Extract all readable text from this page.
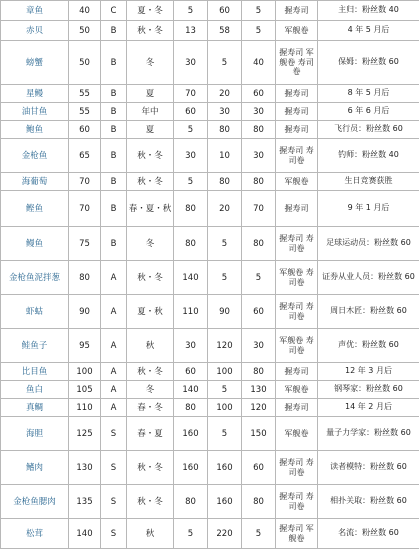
章鱼	40	C	夏・冬	5	60	5	握寿司	主归：粉丝数 40
赤贝	50	B	秋・冬	13	58	5	军舰卷	4 年 5 月后
螃蟹	50	B	冬	30	5	40	握寿司 军舰卷 寿司卷	保姆：粉丝数 60
星鳗	55	B	夏	70	20	60	握寿司	8 年 5 月后
油甘鱼	55	B	年中	60	30	30	握寿司	6 年 6 月后
鲍鱼	60	B	夏	5	80	80	握寿司	飞行员：粉丝数 60
金枪鱼	65	B	秋・冬	30	10	30	握寿司 寿司卷	钓师：粉丝数 40
海葡萄	70	B	秋・冬	5	80	80	军舰卷	生日竞赛获胜
鲣鱼	70	B	春・夏・秋	80	20	70	握寿司	9 年 1 月后
鳗鱼	75	B	冬	80	5	80	握寿司 寿司卷	足球运动员：粉丝数 60
金枪鱼泥拌葱	80	A	秋・冬	140	5	5	军舰卷 寿司卷	证券从业人员：粉丝数 60
虾蛄	90	A	夏・秋	110	90	60	握寿司 寿司卷	周日木匠：粉丝数 60
鲑鱼子	95	A	秋	30	120	30	军舰卷 寿司卷	声优：粉丝数 60
比目鱼	100	A	秋・冬	60	100	80	握寿司	12 年 3 月后
鱼白	105	A	冬	140	5	130	军舰卷	钢琴家：粉丝数 60
真鲷	110	A	春・冬	80	100	120	握寿司	14 年 2 月后
海胆	125	S	春・夏	160	5	150	军舰卷	量子力学家：粉丝数 60
鳍肉	130	S	秋・冬	160	160	60	握寿司 寿司卷	读者模特：粉丝数 60
金枪鱼腮肉	135	S	秋・冬	80	160	80	握寿司 寿司卷	相扑关取：粉丝数 60
松茸	140	S	秋	5	220	5	握寿司 军舰卷	名流：粉丝数 60
